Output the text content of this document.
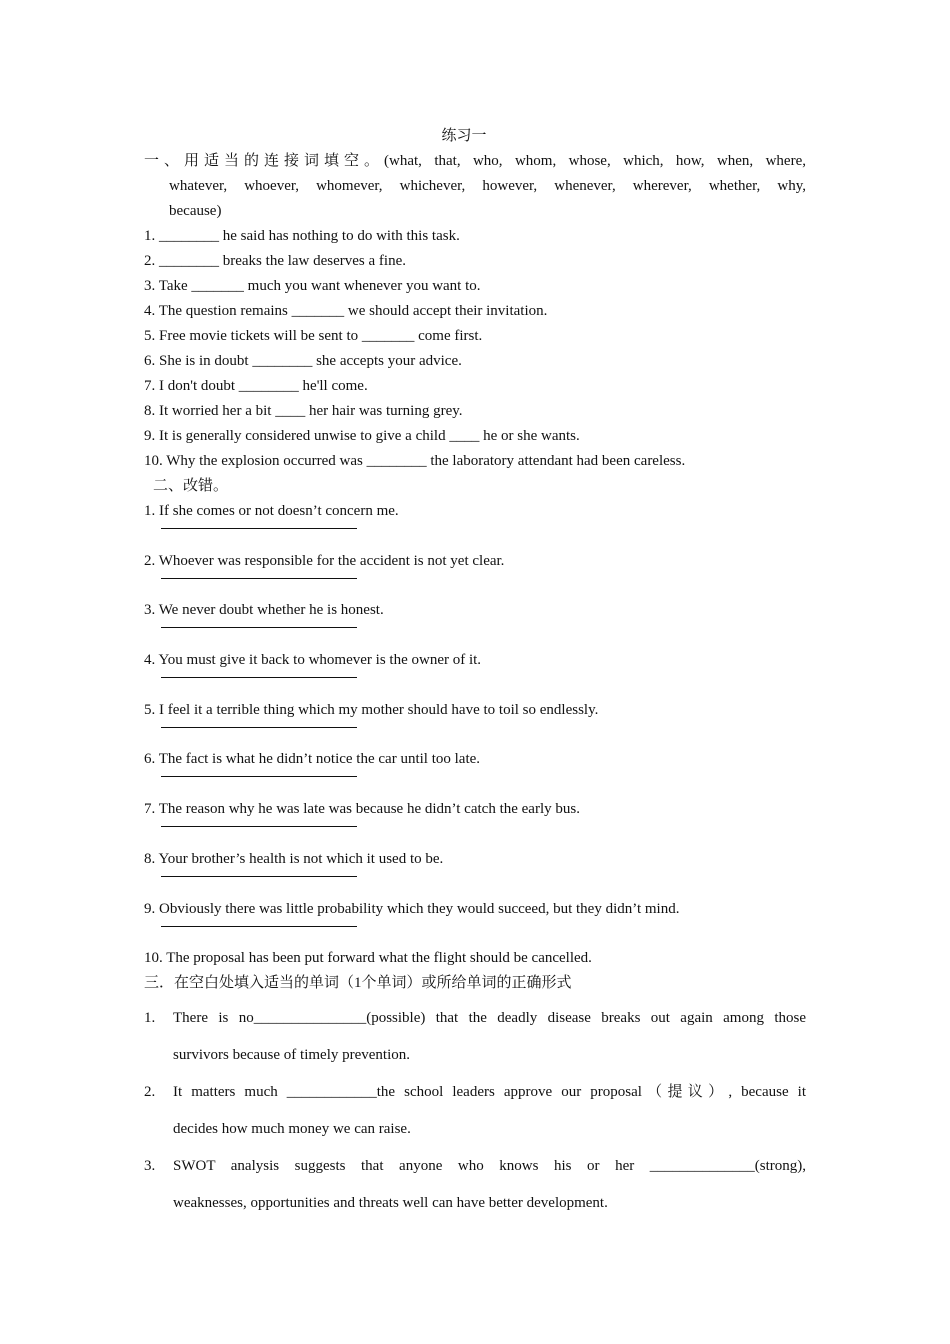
练习一
一、用适当的连接词填空。 (what, that, who, whom, whose, which, how, when, where,
whatever, whoever, whomever, whichever, however, whenever, wherever, whether, why,
because)
1. ________ he said has nothing to do with this task.
2. ________ breaks the law deserves a fine.
3. Take _______ much you want whenever you want to.
4. The question remains _______ we should accept their invitation.
5. Free movie tickets will be sent to _______ come first.
6. She is in doubt ________ she accepts your advice.
7. I don't doubt ________ he'll come.
8. It worried her a bit ____ her hair was turning grey.
9. It is generally considered unwise to give a child ____ he or she wants.
10. Why the explosion occurred was ________ the laboratory attendant had been careless.
二、改错。
1. If she comes or not doesn’t concern me.
2. Whoever was responsible for the accident is not yet clear.
3. We never doubt whether he is honest.
4. You must give it back to whomever is the owner of it.
5. I feel it a terrible thing which my mother should have to toil so endlessly.
6. The fact is what he didn’t notice the car until too late.
7. The reason why he was late was because he didn’t catch the early bus.
8. Your brother’s health is not which it used to be.
9. Obviously there was little probability which they would succeed, but they didn’t mind.
10. The proposal has been put forward what the flight should be cancelled.
三．在空白处填入适当的单词（1个单词）或所给单词的正确形式
1.	There is no_______________(possible) that the deadly disease breaks out again among those
survivors because of timely prevention.
2.	It matters much ____________the school leaders approve our proposal（提议）, because it
decides how much money we can raise.
3.	SWOT analysis suggests that anyone who knows his or her ______________(strong),
weaknesses, opportunities and threats well can have better development.
